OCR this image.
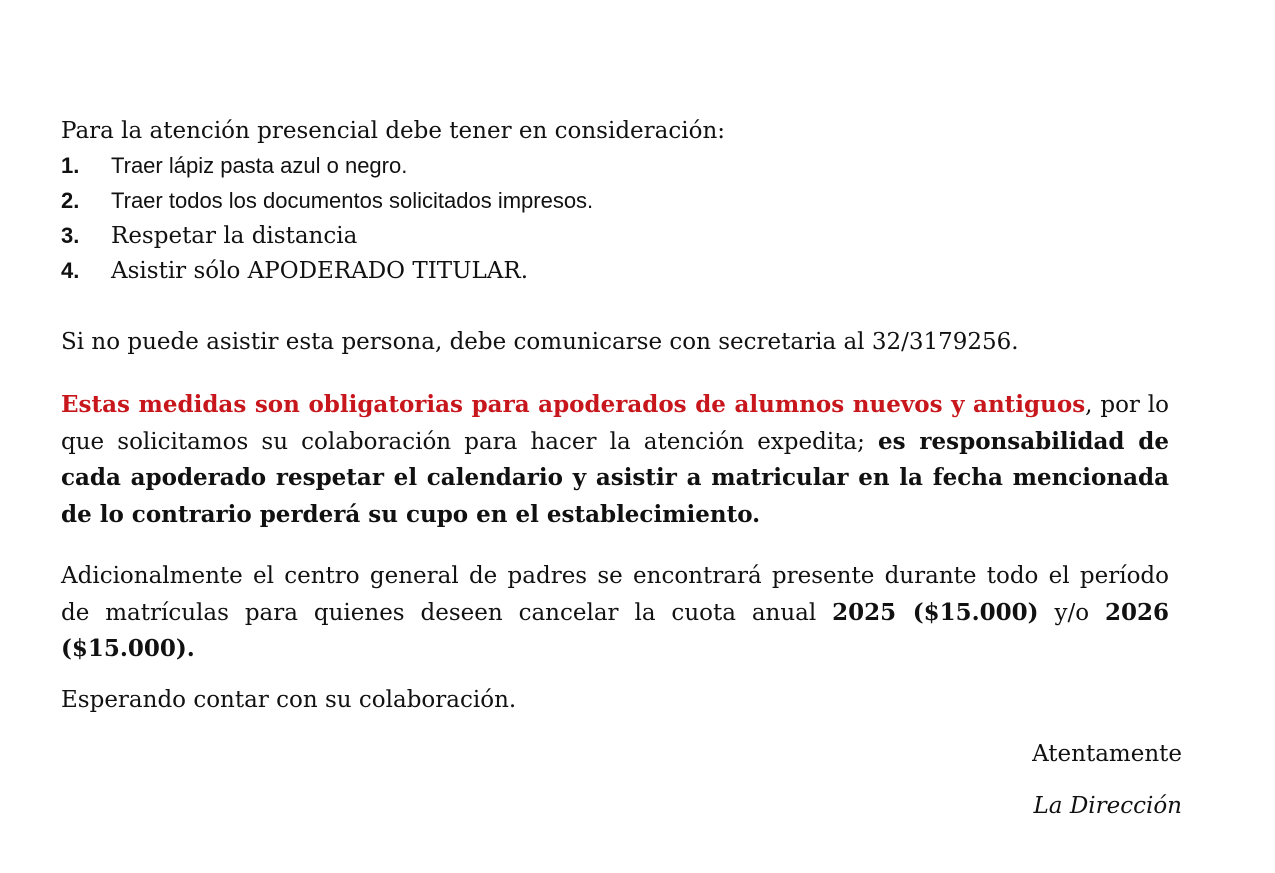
Para la atención presencial debe tener en consideración:
1. Traer lápiz pasta azul o negro.
2. Traer todos los documentos solicitados impresos.
3. Respetar la distancia
4. Asistir sólo APODERADO TITULAR.
Si no puede asistir esta persona, debe comunicarse con secretaria al 32/3179256.
Estas medidas son obligatorias para apoderados de alumnos nuevos y antiguos, por lo que solicitamos su colaboración para hacer la atención expedita; es responsabilidad de cada apoderado respetar el calendario y asistir a matricular en la fecha mencionada de lo contrario perderá su cupo en el establecimiento.
Adicionalmente el centro general de padres se encontrará presente durante todo el período de matrículas para quienes deseen cancelar la cuota anual 2025 ($15.000) y/o 2026 ($15.000).
Esperando contar con su colaboración.
Atentamente
La Dirección
